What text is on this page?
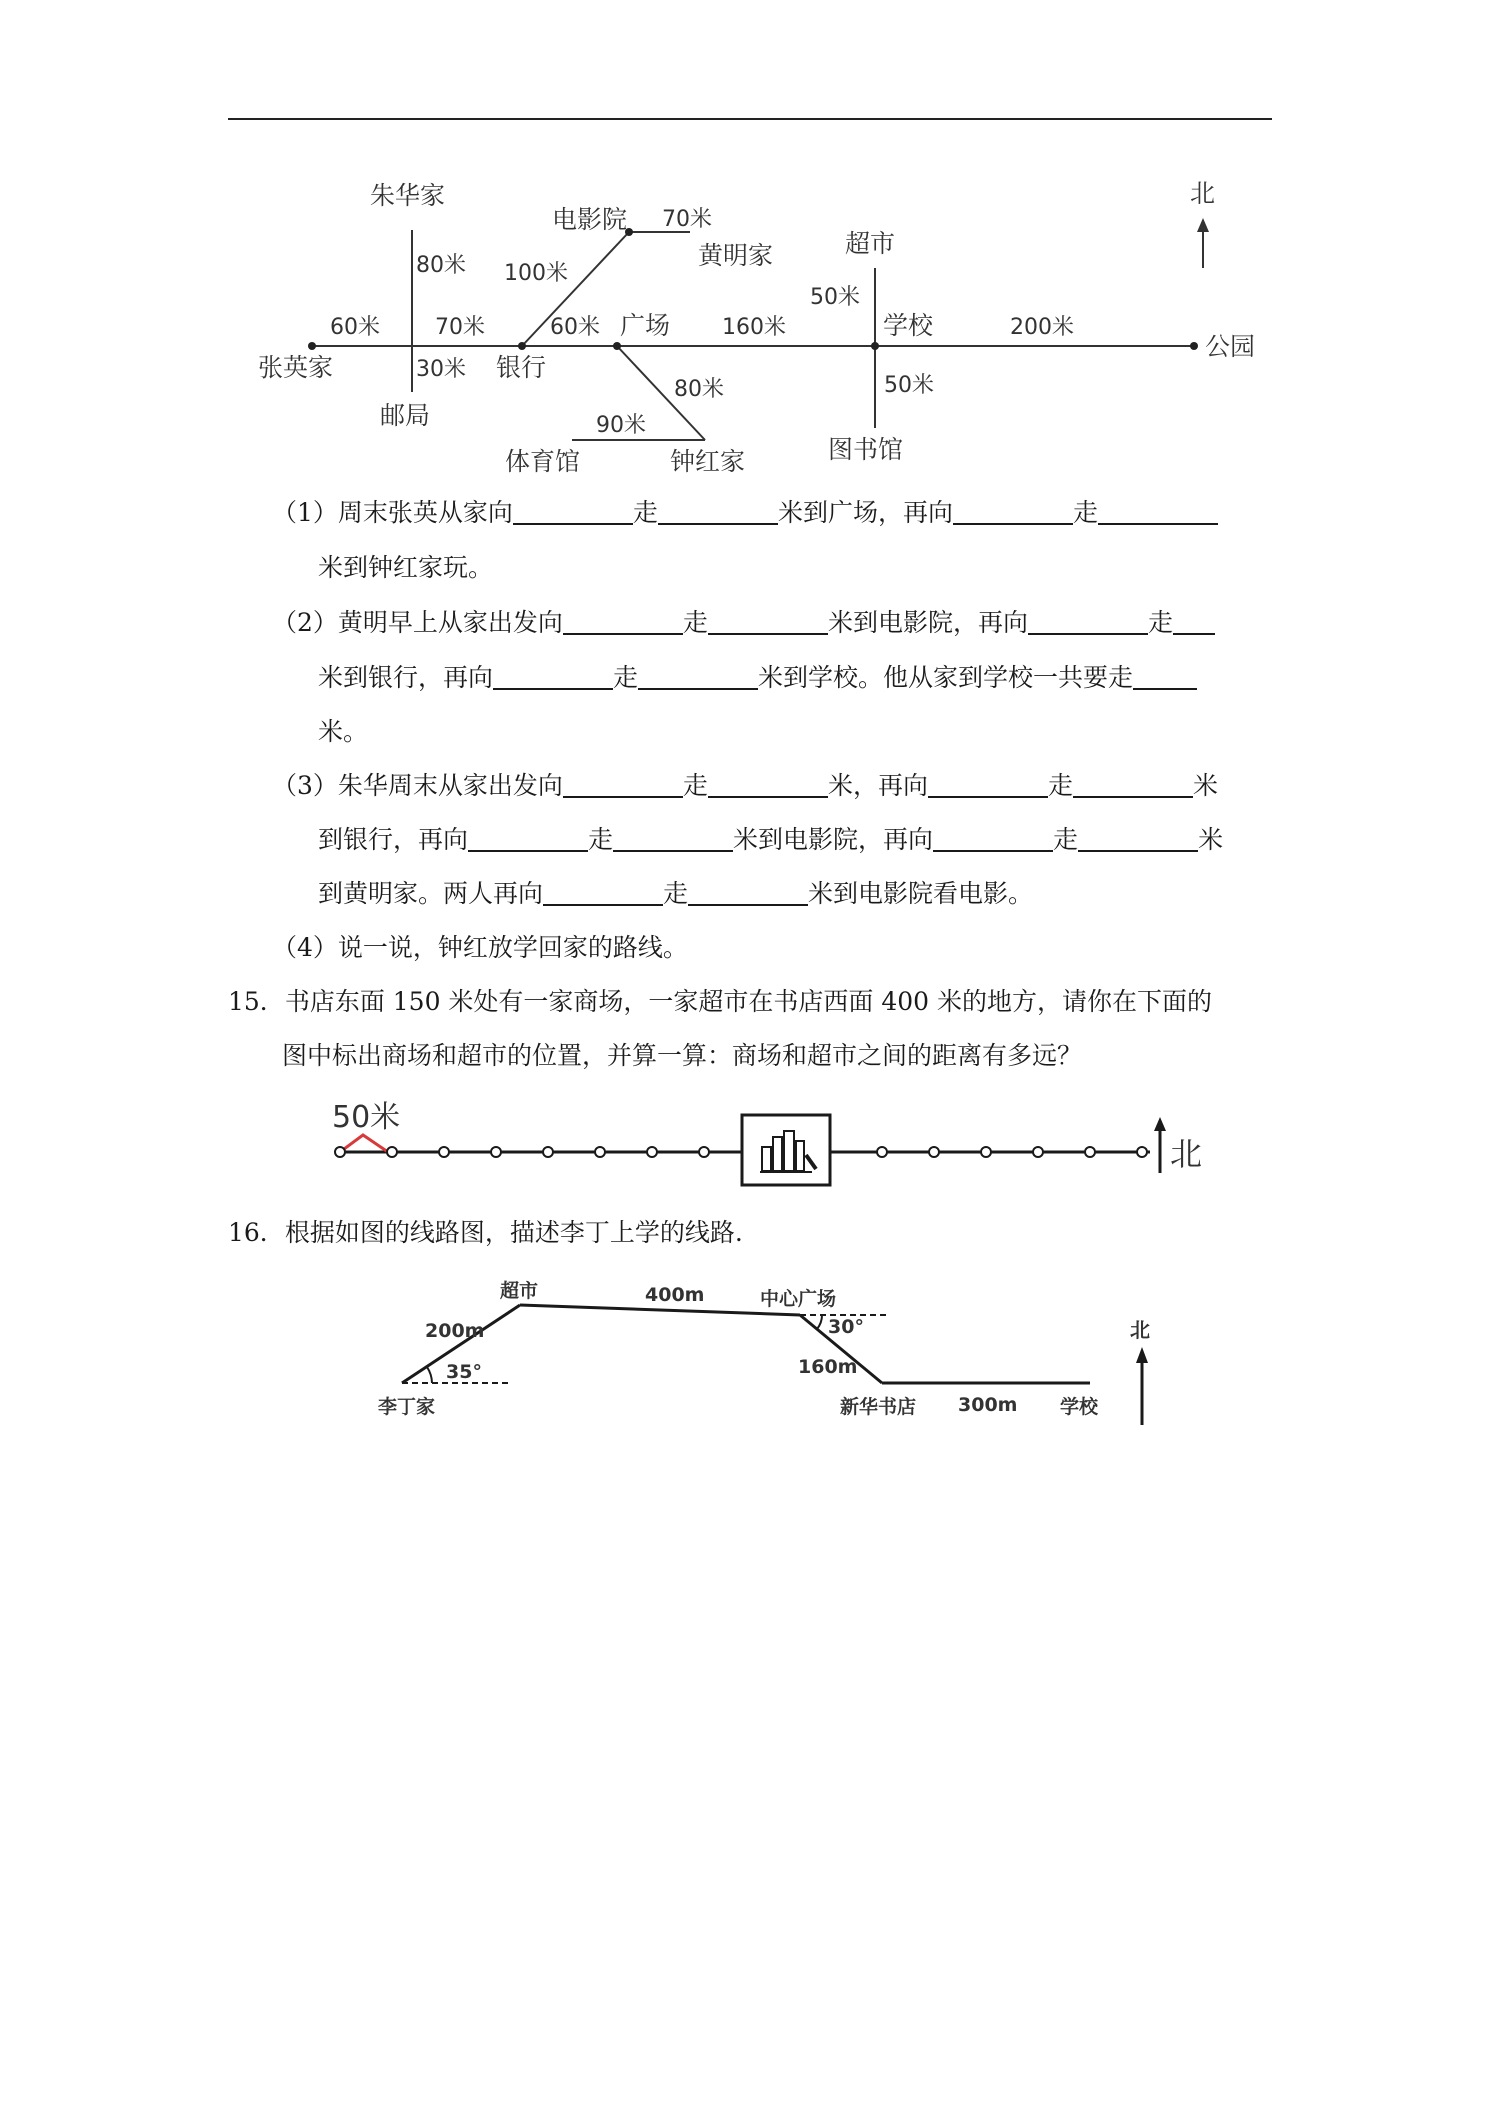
朱华家
张英家
邮局
银行
电影院
黄明家
广场
体育馆	钟红家
超市
学校
图书馆
公园
80米
60米	70米
100米
70米
60米	160米
50米
200米
30米
80米
90米
50米
北
（1）周末张英从家向	走	米到广场，再向	走
米到钟红家玩。
（2）黄明早上从家出发向	走	米到电影院，再向	走
米到银行，再向	走	米到学校。他从家到学校一共要走
米。
（3）朱华周末从家出发向	走	米，再向	走	米
到银行，再向	走	米到电影院，再向	走	米
到黄明家。两人再向	走	米到电影院看电影。
（4）说一说，钟红放学回家的路线。
15．书店东面 150 米处有一家商场，一家超市在书店西面 400 米的地方，请你在下面的
图中标出商场和超市的位置，并算一算：商场和超市之间的距离有多远？
50米
北
16．根据如图的线路图，描述李丁上学的线路.
李丁家
超市	中心广场
新华书店	学校
200m
400m
160m
300m
35°
30°	北
